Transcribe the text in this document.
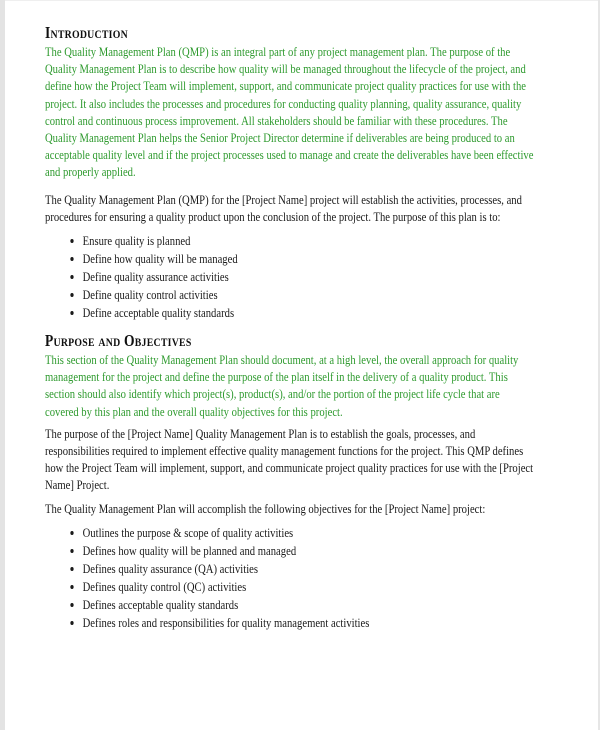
Introduction

The Quality Management Plan (QMP) is an integral part of any project management plan. The purpose of the Quality Management Plan is to describe how quality will be managed throughout the lifecycle of the project, and define how the Project Team will implement, support, and communicate project quality practices for use with the project. It also includes the processes and procedures for conducting quality planning, quality assurance, quality control and continuous process improvement. All stakeholders should be familiar with these procedures. The Quality Management Plan helps the Senior Project Director determine if deliverables are being produced to an acceptable quality level and if the project processes used to manage and create the deliverables have been effective and properly applied.

The Quality Management Plan (QMP) for the [Project Name] project will establish the activities, processes, and procedures for ensuring a quality product upon the conclusion of the project. The purpose of this plan is to:

• Ensure quality is planned
• Define how quality will be managed
• Define quality assurance activities
• Define quality control activities
• Define acceptable quality standards
Purpose and Objectives

This section of the Quality Management Plan should document, at a high level, the overall approach for quality management for the project and define the purpose of the plan itself in the delivery of a quality product. This section should also identify which project(s), product(s), and/or the portion of the project life cycle that are covered by this plan and the overall quality objectives for this project.

The purpose of the [Project Name] Quality Management Plan is to establish the goals, processes, and responsibilities required to implement effective quality management functions for the project. This QMP defines how the Project Team will implement, support, and communicate project quality practices for use with the [Project Name] Project.

The Quality Management Plan will accomplish the following objectives for the [Project Name] project:

• Outlines the purpose & scope of quality activities
• Defines how quality will be planned and managed
• Defines quality assurance (QA) activities
• Defines quality control (QC) activities
• Defines acceptable quality standards
• Defines roles and responsibilities for quality management activities
